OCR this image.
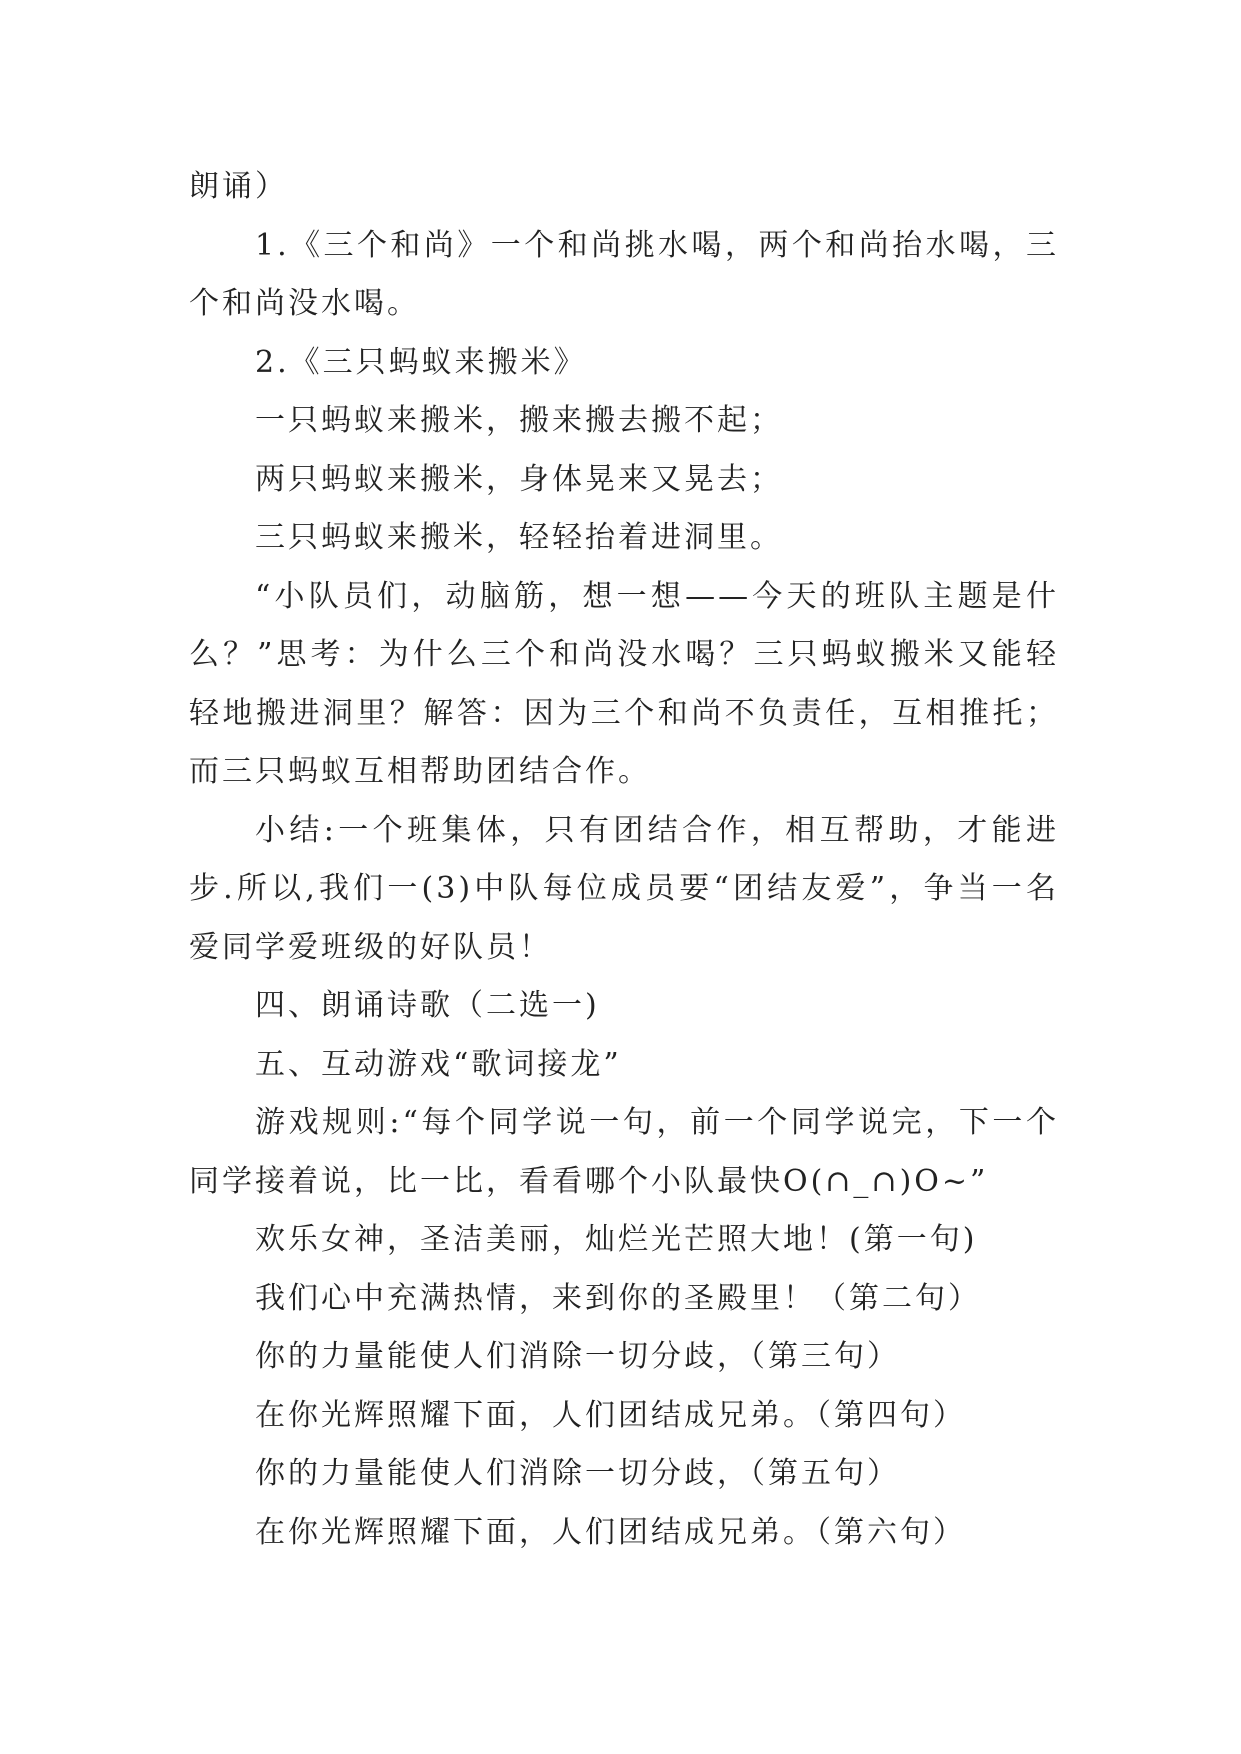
朗诵）

1.《三个和尚》一个和尚挑水喝，两个和尚抬水喝，三个和尚没水喝。

2.《三只蚂蚁来搬米》

一只蚂蚁来搬米，搬来搬去搬不起；

两只蚂蚁来搬米，身体晃来又晃去；

三只蚂蚁来搬米，轻轻抬着进洞里。

“小队员们，动脑筋，想一想——今天的班队主题是什么？”思考：为什么三个和尚没水喝？三只蚂蚁搬米又能轻轻地搬进洞里？解答：因为三个和尚不负责任，互相推托；而三只蚂蚁互相帮助团结合作。

小结:一个班集体，只有团结合作，相互帮助，才能进步.所以,我们一(3)中队每位成员要“团结友爱”，争当一名爱同学爱班级的好队员！

四、朗诵诗歌（二选一)

五、互动游戏“歌词接龙”

游戏规则:“每个同学说一句，前一个同学说完，下一个同学接着说，比一比，看看哪个小队最快O(∩_∩)O~”

欢乐女神，圣洁美丽，灿烂光芒照大地！(第一句)

我们心中充满热情，来到你的圣殿里！（第二句）

你的力量能使人们消除一切分歧，（第三句）

在你光辉照耀下面，人们团结成兄弟。（第四句）

你的力量能使人们消除一切分歧，（第五句）

在你光辉照耀下面，人们团结成兄弟。（第六句）
